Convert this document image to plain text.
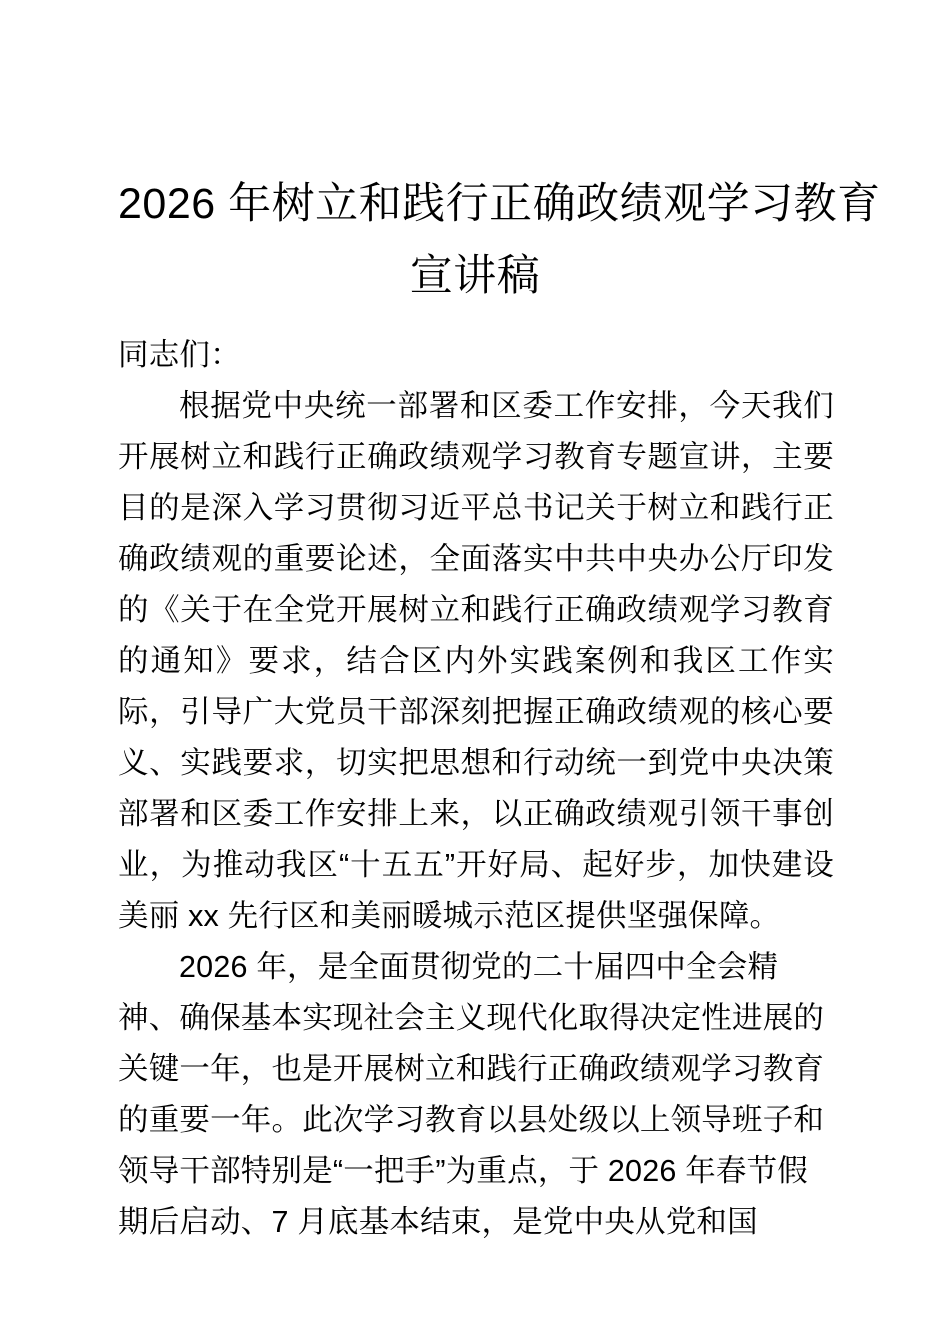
2026 年树立和践行正确政绩观学习教育
宣讲稿

同志们：

根据党中央统一部署和区委工作安排，今天我们开展树立和践行正确政绩观学习教育专题宣讲，主要目的是深入学习贯彻习近平总书记关于树立和践行正确政绩观的重要论述，全面落实中共中央办公厅印发的《关于在全党开展树立和践行正确政绩观学习教育的通知》要求，结合区内外实践案例和我区工作实际，引导广大党员干部深刻把握正确政绩观的核心要义、实践要求，切实把思想和行动统一到党中央决策部署和区委工作安排上来，以正确政绩观引领干事创业，为推动我区“十五五”开好局、起好步，加快建设美丽 xx 先行区和美丽暖城示范区提供坚强保障。

2026 年，是全面贯彻党的二十届四中全会精神、确保基本实现社会主义现代化取得决定性进展的关键一年，也是开展树立和践行正确政绩观学习教育的重要一年。此次学习教育以县处级以上领导班子和领导干部特别是“一把手”为重点，于 2026 年春节假期后启动、7 月底基本结束，是党中央从党和国
